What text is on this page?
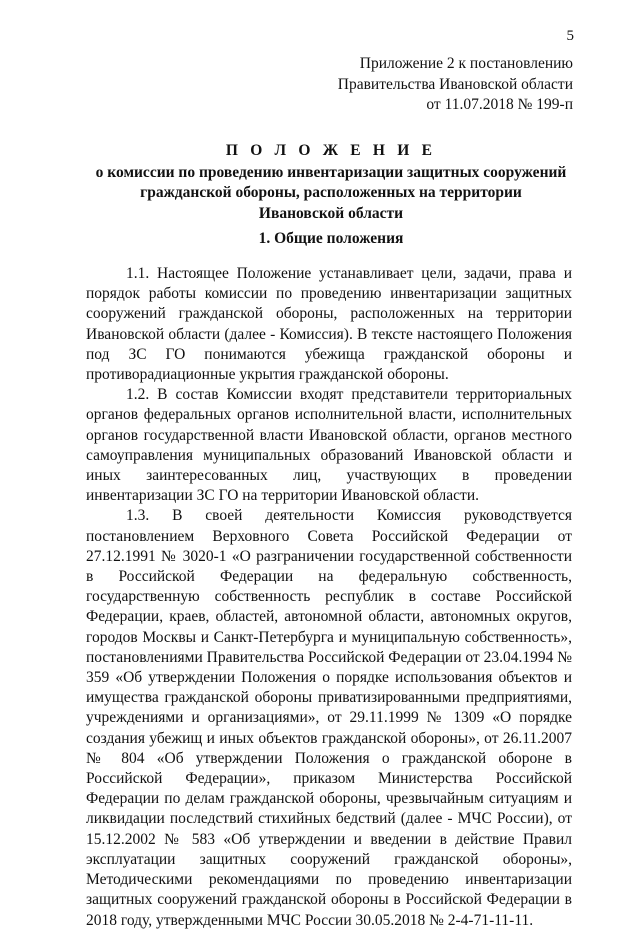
5
Приложение 2 к постановлению
Правительства Ивановской области
от 11.07.2018 № 199-п
П О Л О Ж Е Н И Е
о комиссии по проведению инвентаризации защитных сооружений
гражданской обороны, расположенных на территории
Ивановской области
1. Общие положения

1.1. Настоящее Положение устанавливает цели, задачи, права и порядок работы комиссии по проведению инвентаризации защитных сооружений гражданской обороны, расположенных на территории Ивановской области (далее - Комиссия). В тексте настоящего Положения под ЗС ГО понимаются убежища гражданской обороны и противорадиационные укрытия гражданской обороны.

1.2. В состав Комиссии входят представители территориальных органов федеральных органов исполнительной власти, исполнительных органов государственной власти Ивановской области, органов местного самоуправления муниципальных образований Ивановской области и иных заинтересованных лиц, участвующих в проведении инвентаризации ЗС ГО на территории Ивановской области.

1.3. В своей деятельности Комиссия руководствуется постановлением Верховного Совета Российской Федерации от 27.12.1991 № 3020-1 «О разграничении государственной собственности в Российской Федерации на федеральную собственность, государственную собственность республик в составе Российской Федерации, краев, областей, автономной области, автономных округов, городов Москвы и Санкт-Петербурга и муниципальную собственность», постановлениями Правительства Российской Федерации от 23.04.1994 № 359 «Об утверждении Положения о порядке использования объектов и имущества гражданской обороны приватизированными предприятиями, учреждениями и организациями», от 29.11.1999 № 1309 «О порядке создания убежищ и иных объектов гражданской обороны», от 26.11.2007 № 804 «Об утверждении Положения о гражданской обороне в Российской Федерации», приказом Министерства Российской Федерации по делам гражданской обороны, чрезвычайным ситуациям и ликвидации последствий стихийных бедствий (далее - МЧС России), от 15.12.2002 № 583 «Об утверждении и введении в действие Правил эксплуатации защитных сооружений гражданской обороны», Методическими рекомендациями по проведению инвентаризации защитных сооружений гражданской обороны в Российской Федерации в 2018 году, утвержденными МЧС России 30.05.2018 № 2-4-71-11-11.
